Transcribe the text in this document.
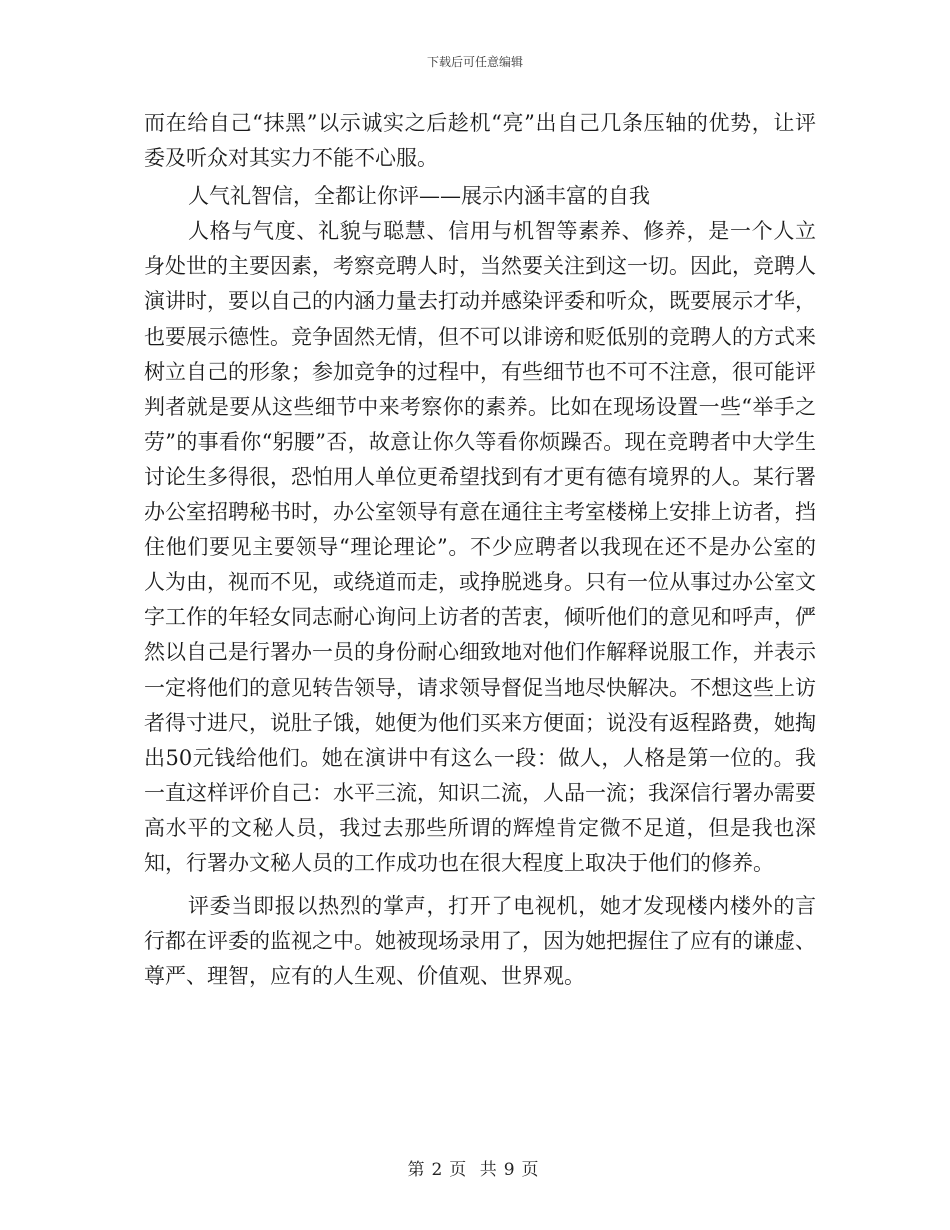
下载后可任意编辑

而在给自己“抹黑”以示诚实之后趁机“亮”出自己几条压轴的优势，让评委及听众对其实力不能不心服。

人气礼智信，全都让你评——展示内涵丰富的自我

人格与气度、礼貌与聪慧、信用与机智等素养、修养，是一个人立身处世的主要因素，考察竞聘人时，当然要关注到这一切。因此，竞聘人演讲时，要以自己的内涵力量去打动并感染评委和听众，既要展示才华，也要展示德性。竞争固然无情，但不可以诽谤和贬低别的竞聘人的方式来树立自己的形象；参加竞争的过程中，有些细节也不可不注意，很可能评判者就是要从这些细节中来考察你的素养。比如在现场设置一些“举手之劳”的事看你“躬腰”否，故意让你久等看你烦躁否。现在竞聘者中大学生讨论生多得很，恐怕用人单位更希望找到有才更有德有境界的人。某行署办公室招聘秘书时，办公室领导有意在通往主考室楼梯上安排上访者，挡住他们要见主要领导“理论理论”。不少应聘者以我现在还不是办公室的人为由，视而不见，或绕道而走，或挣脱逃身。只有一位从事过办公室文字工作的年轻女同志耐心询问上访者的苦衷，倾听他们的意见和呼声，俨然以自己是行署办一员的身份耐心细致地对他们作解释说服工作，并表示一定将他们的意见转告领导，请求领导督促当地尽快解决。不想这些上访者得寸进尺，说肚子饿，她便为他们买来方便面；说没有返程路费，她掏出50元钱给他们。她在演讲中有这么一段：做人，人格是第一位的。我一直这样评价自己：水平三流，知识二流，人品一流；我深信行署办需要高水平的文秘人员，我过去那些所谓的辉煌肯定微不足道，但是我也深知，行署办文秘人员的工作成功也在很大程度上取决于他们的修养。

评委当即报以热烈的掌声，打开了电视机，她才发现楼内楼外的言行都在评委的监视之中。她被现场录用了，因为她把握住了应有的谦虚、尊严、理智，应有的人生观、价值观、世界观。

第 2 页 共 9 页
